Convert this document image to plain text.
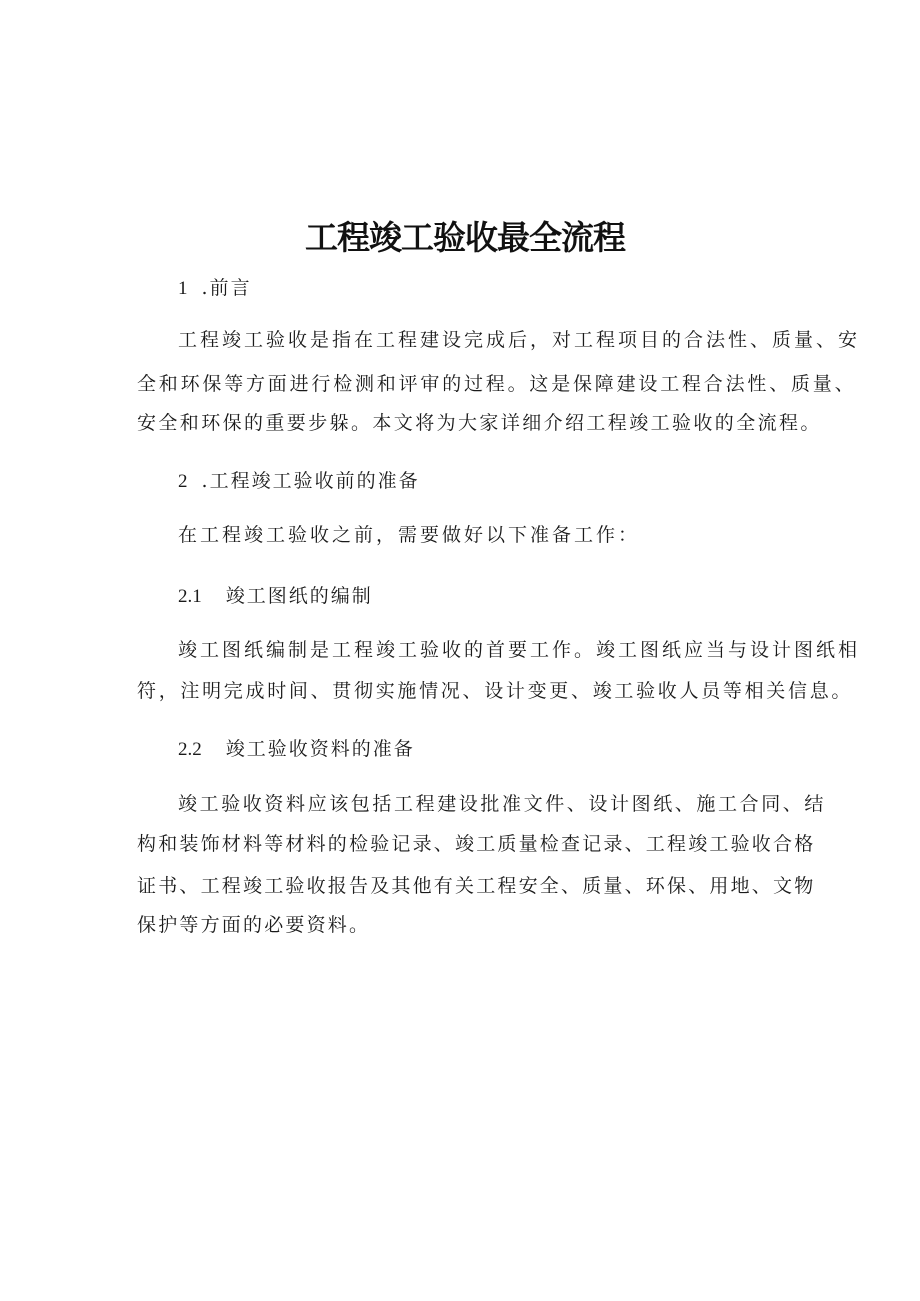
工程竣工验收最全流程
1 .前言
工程竣工验收是指在工程建设完成后，对工程项目的合法性、质量、安
全和环保等方面进行检测和评审的过程。这是保障建设工程合法性、质量、
安全和环保的重要步躲。本文将为大家详细介绍工程竣工验收的全流程。
2 .工程竣工验收前的准备
在工程竣工验收之前，需要做好以下准备工作：
2.1 竣工图纸的编制
竣工图纸编制是工程竣工验收的首要工作。竣工图纸应当与设计图纸相
符，注明完成时间、贯彻实施情况、设计变更、竣工验收人员等相关信息。
2.2 竣工验收资料的准备
竣工验收资料应该包括工程建设批准文件、设计图纸、施工合同、结
构和装饰材料等材料的检验记录、竣工质量检查记录、工程竣工验收合格
证书、工程竣工验收报告及其他有关工程安全、质量、环保、用地、文物
保护等方面的必要资料。
